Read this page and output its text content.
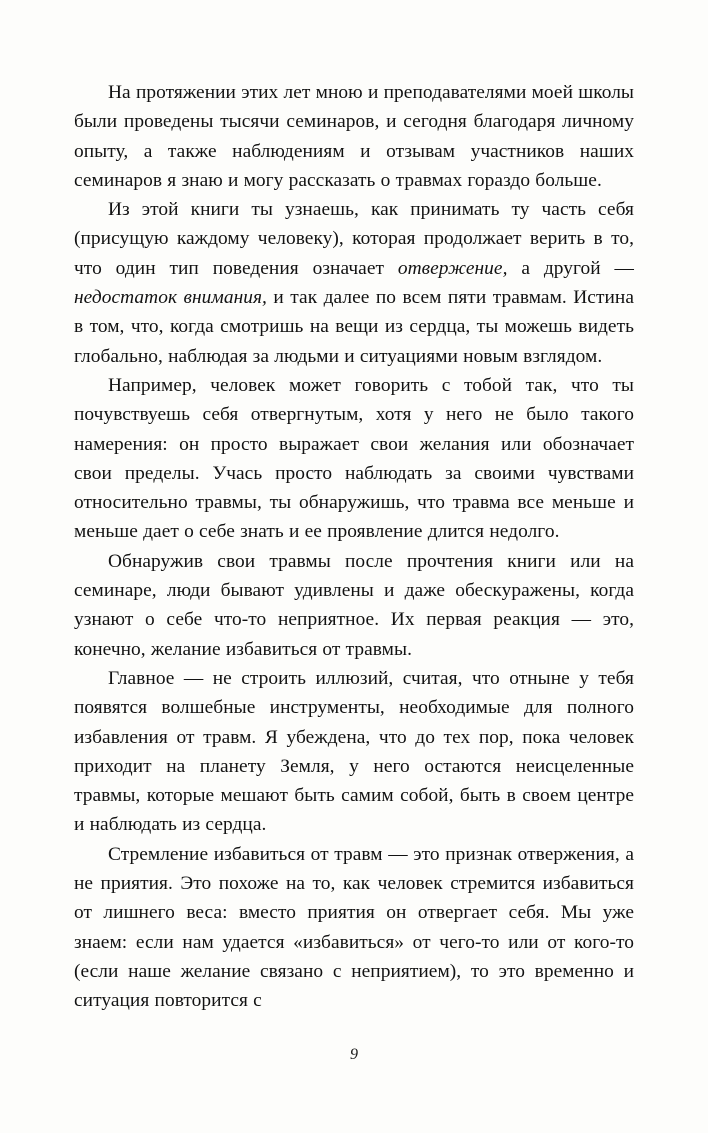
На протяжении этих лет мною и преподавателями моей школы были проведены тысячи семинаров, и сегодня благодаря личному опыту, а также наблюдениям и отзывам участников наших семинаров я знаю и могу рассказать о травмах гораздо больше.

Из этой книги ты узнаешь, как принимать ту часть себя (присущую каждому человеку), которая продолжает верить в то, что один тип поведения означает отвержение, а другой — недостаток внимания, и так далее по всем пяти травмам. Истина в том, что, когда смотришь на вещи из сердца, ты можешь видеть глобально, наблюдая за людьми и ситуациями новым взглядом.

Например, человек может говорить с тобой так, что ты почувствуешь себя отвергнутым, хотя у него не было такого намерения: он просто выражает свои желания или обозначает свои пределы. Учась просто наблюдать за своими чувствами относительно травмы, ты обнаружишь, что травма все меньше и меньше дает о себе знать и ее проявление длится недолго.

Обнаружив свои травмы после прочтения книги или на семинаре, люди бывают удивлены и даже обескуражены, когда узнают о себе что-то неприятное. Их первая реакция — это, конечно, желание избавиться от травмы.

Главное — не строить иллюзий, считая, что отныне у тебя появятся волшебные инструменты, необходимые для полного избавления от травм. Я убеждена, что до тех пор, пока человек приходит на планету Земля, у него остаются неисцеленные травмы, которые мешают быть самим собой, быть в своем центре и наблюдать из сердца.

Стремление избавиться от травм — это признак отвержения, а не приятия. Это похоже на то, как человек стремится избавиться от лишнего веса: вместо приятия он отвергает себя. Мы уже знаем: если нам удается «избавиться» от чего-то или от кого-то (если наше желание связано с неприятием), то это временно и ситуация повторится с

9
